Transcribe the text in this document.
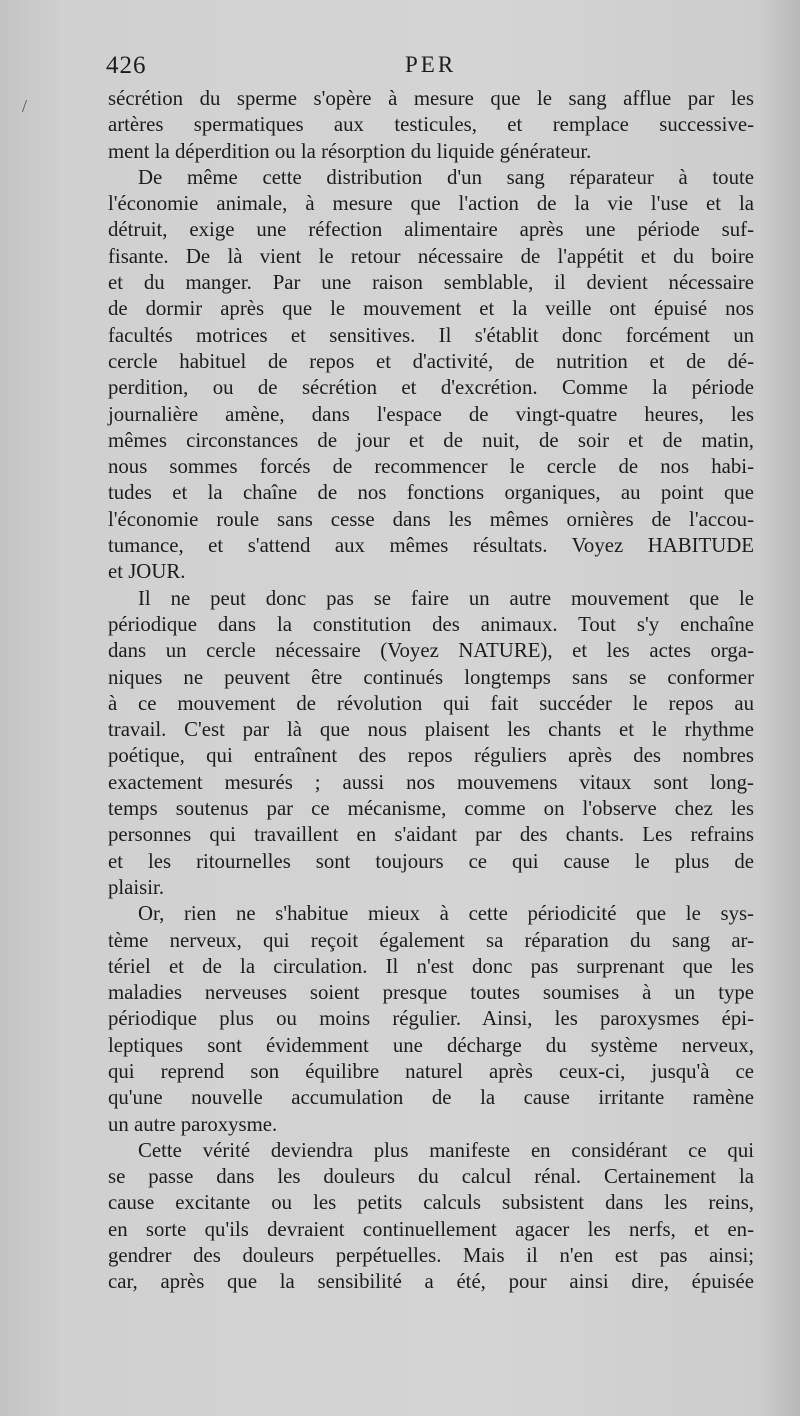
426	PER
/	sécrétion du sperme s'opère à mesure que le sang afflue par les
artères spermatiques aux testicules, et remplace successive-
ment la déperdition ou la résorption du liquide générateur.
De même cette distribution d'un sang réparateur à toute
l'économie animale, à mesure que l'action de la vie l'use et la
détruit, exige une réfection alimentaire après une période suf-
fisante. De là vient le retour nécessaire de l'appétit et du boire
et du manger. Par une raison semblable, il devient nécessaire
de dormir après que le mouvement et la veille ont épuisé nos
facultés motrices et sensitives. Il s'établit donc forcément un
cercle habituel de repos et d'activité, de nutrition et de dé-
perdition, ou de sécrétion et d'excrétion. Comme la période
journalière amène, dans l'espace de vingt-quatre heures, les
mêmes circonstances de jour et de nuit, de soir et de matin,
nous sommes forcés de recommencer le cercle de nos habi-
tudes et la chaîne de nos fonctions organiques, au point que
l'économie roule sans cesse dans les mêmes ornières de l'accou-
tumance, et s'attend aux mêmes résultats. Voyez HABITUDE
et JOUR.
Il ne peut donc pas se faire un autre mouvement que le
périodique dans la constitution des animaux. Tout s'y enchaîne
dans un cercle nécessaire (Voyez NATURE), et les actes orga-
niques ne peuvent être continués longtemps sans se conformer
à ce mouvement de révolution qui fait succéder le repos au
travail. C'est par là que nous plaisent les chants et le rhythme
poétique, qui entraînent des repos réguliers après des nombres
exactement mesurés ; aussi nos mouvemens vitaux sont long-
temps soutenus par ce mécanisme, comme on l'observe chez les
personnes qui travaillent en s'aidant par des chants. Les refrains
et les ritournelles sont toujours ce qui cause le plus de
plaisir.
Or, rien ne s'habitue mieux à cette périodicité que le sys-
tème nerveux, qui reçoit également sa réparation du sang ar-
tériel et de la circulation. Il n'est donc pas surprenant que les
maladies nerveuses soient presque toutes soumises à un type
périodique plus ou moins régulier. Ainsi, les paroxysmes épi-
leptiques sont évidemment une décharge du système nerveux,
qui reprend son équilibre naturel après ceux-ci, jusqu'à ce
qu'une nouvelle accumulation de la cause irritante ramène
un autre paroxysme.
Cette vérité deviendra plus manifeste en considérant ce qui
se passe dans les douleurs du calcul rénal. Certainement la
cause excitante ou les petits calculs subsistent dans les reins,
en sorte qu'ils devraient continuellement agacer les nerfs, et en-
gendrer des douleurs perpétuelles. Mais il n'en est pas ainsi;
car, après que la sensibilité a été, pour ainsi dire, épuisée
